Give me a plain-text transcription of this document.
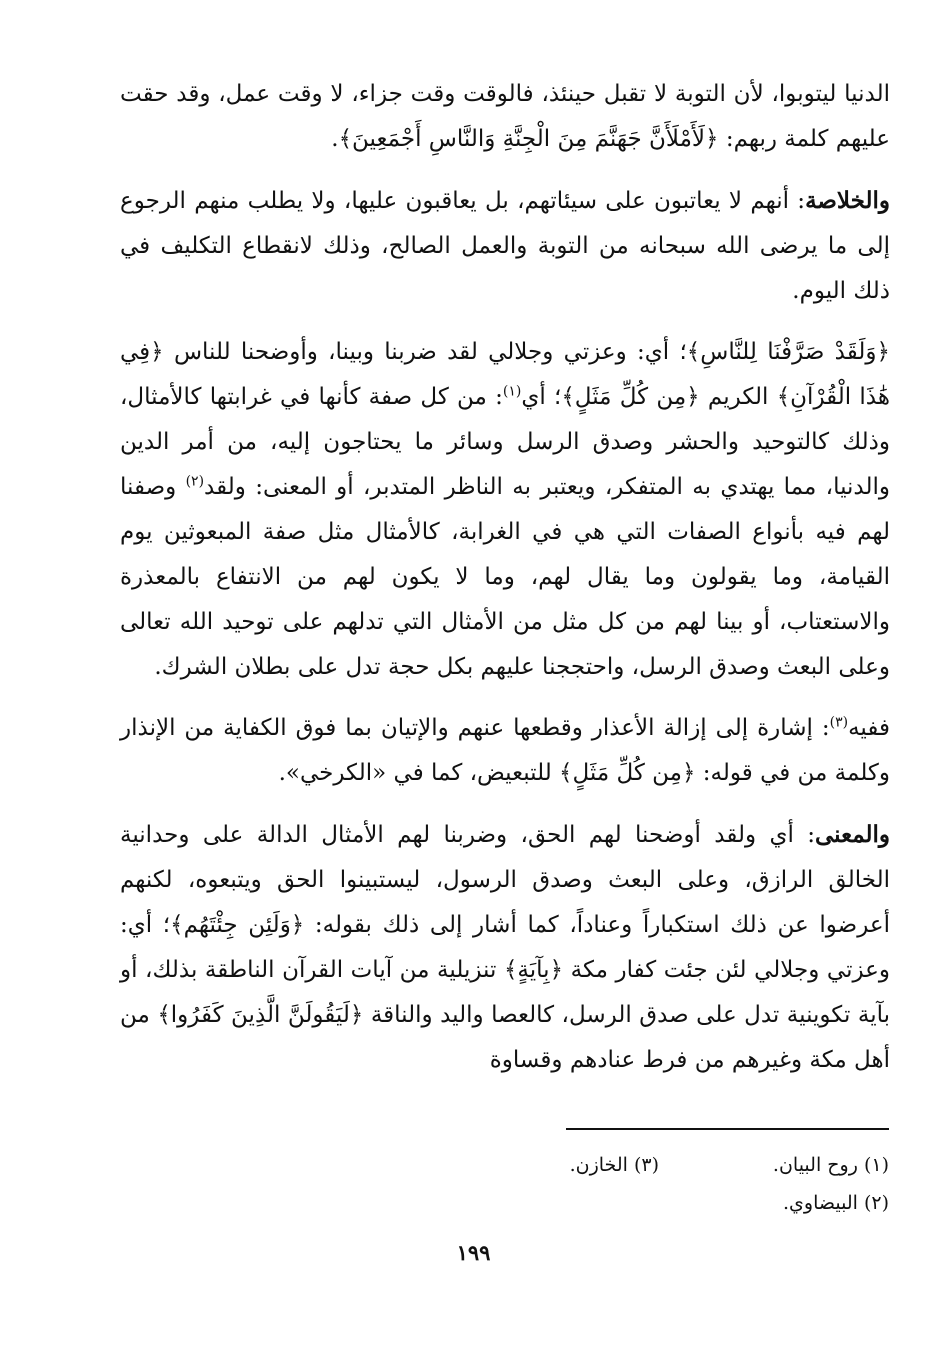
الدنيا ليتوبوا، لأن التوبة لا تقبل حينئذ، فالوقت وقت جزاء، لا وقت عمل، وقد حقت عليهم كلمة ربهم: ﴿لَأَمْلَأَنَّ جَهَنَّمَ مِنَ الْجِنَّةِ وَالنَّاسِ أَجْمَعِينَ﴾.

والخلاصة: أنهم لا يعاتبون على سيئاتهم، بل يعاقبون عليها، ولا يطلب منهم الرجوع إلى ما يرضى الله سبحانه من التوبة والعمل الصالح، وذلك لانقطاع التكليف في ذلك اليوم.

﴿وَلَقَدْ صَرَّفْنَا لِلنَّاسِ﴾؛ أي: وعزتي وجلالي لقد ضربنا وبينا، وأوضحنا للناس ﴿فِي هَٰذَا الْقُرْآنِ﴾ الكريم ﴿مِن كُلِّ مَثَلٍ﴾؛ أي$^{(١)}$: من كل صفة كأنها في غرابتها كالأمثال، وذلك كالتوحيد والحشر وصدق الرسل وسائر ما يحتاجون إليه، من أمر الدين والدنيا، مما يهتدي به المتفكر، ويعتبر به الناظر المتدبر، أو المعنى: ولقد$^{(٢)}$ وصفنا لهم فيه بأنواع الصفات التي هي في الغرابة، كالأمثال مثل صفة المبعوثين يوم القيامة، وما يقولون وما يقال لهم، وما لا يكون لهم من الانتفاع بالمعذرة والاستعتاب، أو بينا لهم من كل مثل من الأمثال التي تدلهم على توحيد الله تعالى وعلى البعث وصدق الرسل، واحتججنا عليهم بكل حجة تدل على بطلان الشرك.

ففيه$^{(٣)}$: إشارة إلى إزالة الأعذار وقطعها عنهم والإتيان بما فوق الكفاية من الإنذار وكلمة من في قوله: ﴿مِن كُلِّ مَثَلٍ﴾ للتبعيض، كما في «الكرخي».

والمعنى: أي ولقد أوضحنا لهم الحق، وضربنا لهم الأمثال الدالة على وحدانية الخالق الرازق، وعلى البعث وصدق الرسول، ليستبينوا الحق ويتبعوه، لكنهم أعرضوا عن ذلك استكباراً وعناداً، كما أشار إلى ذلك بقوله: ﴿وَلَئِن جِئْتَهُم﴾؛ أي: وعزتي وجلالي لئن جئت كفار مكة ﴿بِآيَةٍ﴾ تنزيلية من آيات القرآن الناطقة بذلك، أو بآية تكوينية تدل على صدق الرسل، كالعصا واليد والناقة ﴿لَيَقُولَنَّ الَّذِينَ كَفَرُوا﴾ من أهل مكة وغيرهم من فرط عنادهم وقساوة

(١) روح البيان.
(٣) الخازن.
(٢) البيضاوي.
١٩٩
